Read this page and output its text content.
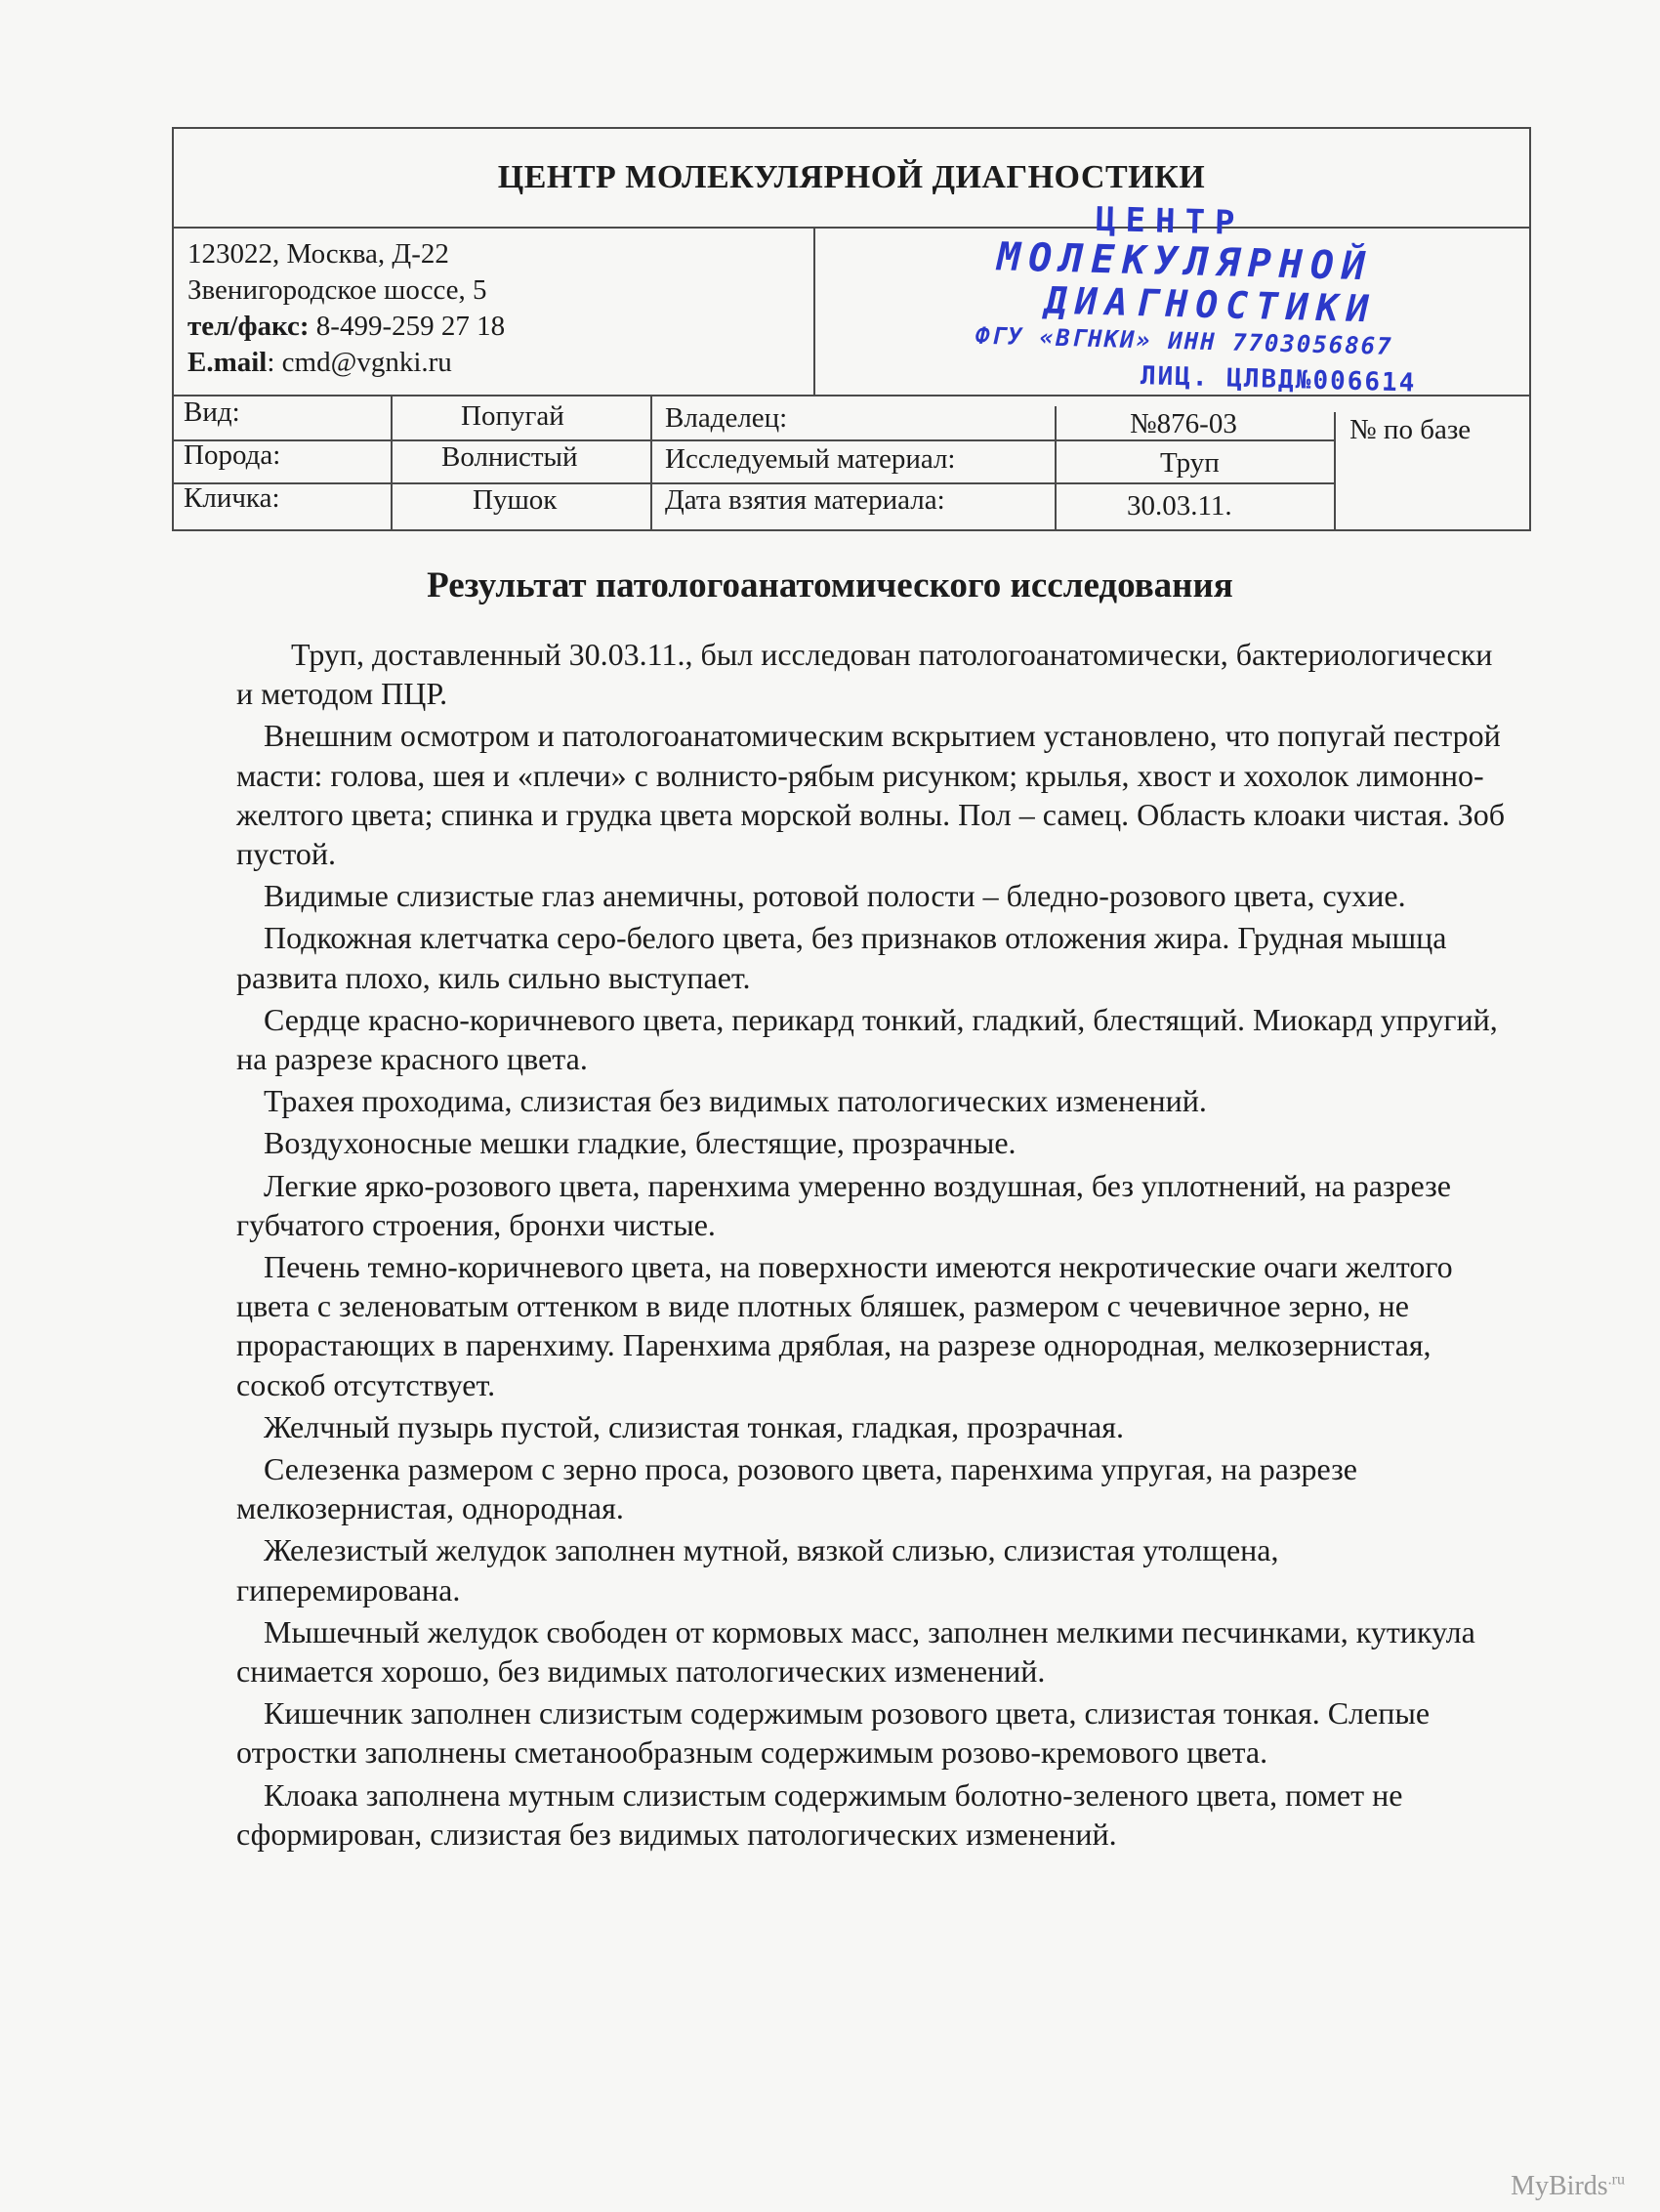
ЦЕНТР МОЛЕКУЛЯРНОЙ ДИАГНОСТИКИ
123022, Москва, Д-22
Звенигородское шоссе, 5
тел/факс: 8-499-259 27 18
E.mail: cmd@vgnki.ru
ЦЕНТР
МОЛЕКУЛЯРНОЙ
ДИАГНОСТИКИ
ФГУ «ВГНКИ» ИНН 7703056867
ЛИЦ. ЦЛВД№006614
Вид:	Попугай	Владелец:	№876-03	№ по базе
Порода:	Волнистый	Исследуемый материал:	Труп
Кличка:	Пушок	Дата взятия материала:	30.03.11.
Результат патологоанатомического исследования

Труп, доставленный 30.03.11., был исследован патологоанатомически, бактериологически и методом ПЦР.

Внешним осмотром и патологоанатомическим вскрытием установлено, что попугай пестрой масти: голова, шея и «плечи» с волнисто-рябым рисунком; крылья, хвост и хохолок лимонно-желтого цвета; спинка и грудка цвета морской волны. Пол – самец. Область клоаки чистая. Зоб пустой.

Видимые слизистые глаз анемичны, ротовой полости – бледно-розового цвета, сухие.

Подкожная клетчатка серо-белого цвета, без признаков отложения жира. Грудная мышца развита плохо, киль сильно выступает.

Сердце красно-коричневого цвета, перикард тонкий, гладкий, блестящий. Миокард упругий, на разрезе красного цвета.

Трахея проходима, слизистая без видимых патологических изменений.

Воздухоносные мешки гладкие, блестящие, прозрачные.

Легкие ярко-розового цвета, паренхима умеренно воздушная, без уплотнений, на разрезе губчатого строения, бронхи чистые.

Печень темно-коричневого цвета, на поверхности имеются некротические очаги желтого цвета с зеленоватым оттенком в виде плотных бляшек, размером с чечевичное зерно, не прорастающих в паренхиму. Паренхима дряблая, на разрезе однородная, мелкозернистая, соскоб отсутствует.

Желчный пузырь пустой, слизистая тонкая, гладкая, прозрачная.

Селезенка размером с зерно проса, розового цвета, паренхима упругая, на разрезе мелкозернистая, однородная.

Железистый желудок заполнен мутной, вязкой слизью, слизистая утолщена, гиперемирована.

Мышечный желудок свободен от кормовых масс, заполнен мелкими песчинками, кутикула снимается хорошо, без видимых патологических изменений.

Кишечник заполнен слизистым содержимым розового цвета, слизистая тонкая. Слепые отростки заполнены сметанообразным содержимым розово-кремового цвета.

Клоака заполнена мутным слизистым содержимым болотно-зеленого цвета, помет не сформирован, слизистая без видимых патологических изменений.

MyBirds$^{.ru}$
